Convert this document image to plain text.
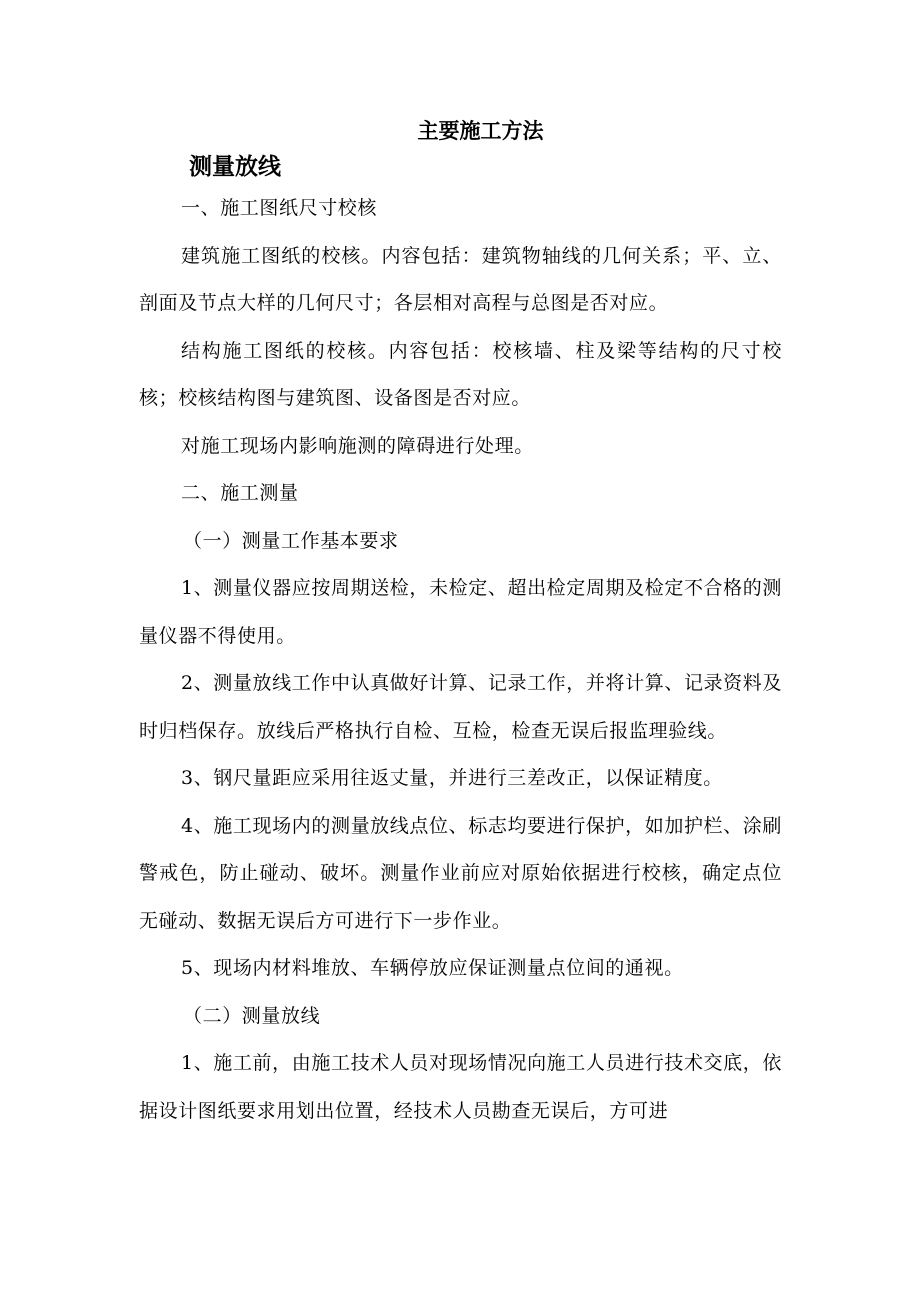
主要施工方法
测量放线

一、施工图纸尺寸校核

建筑施工图纸的校核。内容包括：建筑物轴线的几何关系；平、立、剖面及节点大样的几何尺寸；各层相对高程与总图是否对应。

结构施工图纸的校核。内容包括：校核墙、柱及梁等结构的尺寸校核；校核结构图与建筑图、设备图是否对应。

对施工现场内影响施测的障碍进行处理。

二、施工测量

（一）测量工作基本要求

1、测量仪器应按周期送检，未检定、超出检定周期及检定不合格的测量仪器不得使用。

2、测量放线工作中认真做好计算、记录工作，并将计算、记录资料及时归档保存。放线后严格执行自检、互检，检查无误后报监理验线。

3、钢尺量距应采用往返丈量，并进行三差改正，以保证精度。

4、施工现场内的测量放线点位、标志均要进行保护，如加护栏、涂刷警戒色，防止碰动、破坏。测量作业前应对原始依据进行校核，确定点位无碰动、数据无误后方可进行下一步作业。

5、现场内材料堆放、车辆停放应保证测量点位间的通视。

（二）测量放线

1、施工前，由施工技术人员对现场情况向施工人员进行技术交底，依据设计图纸要求用划出位置，经技术人员勘查无误后，方可进
